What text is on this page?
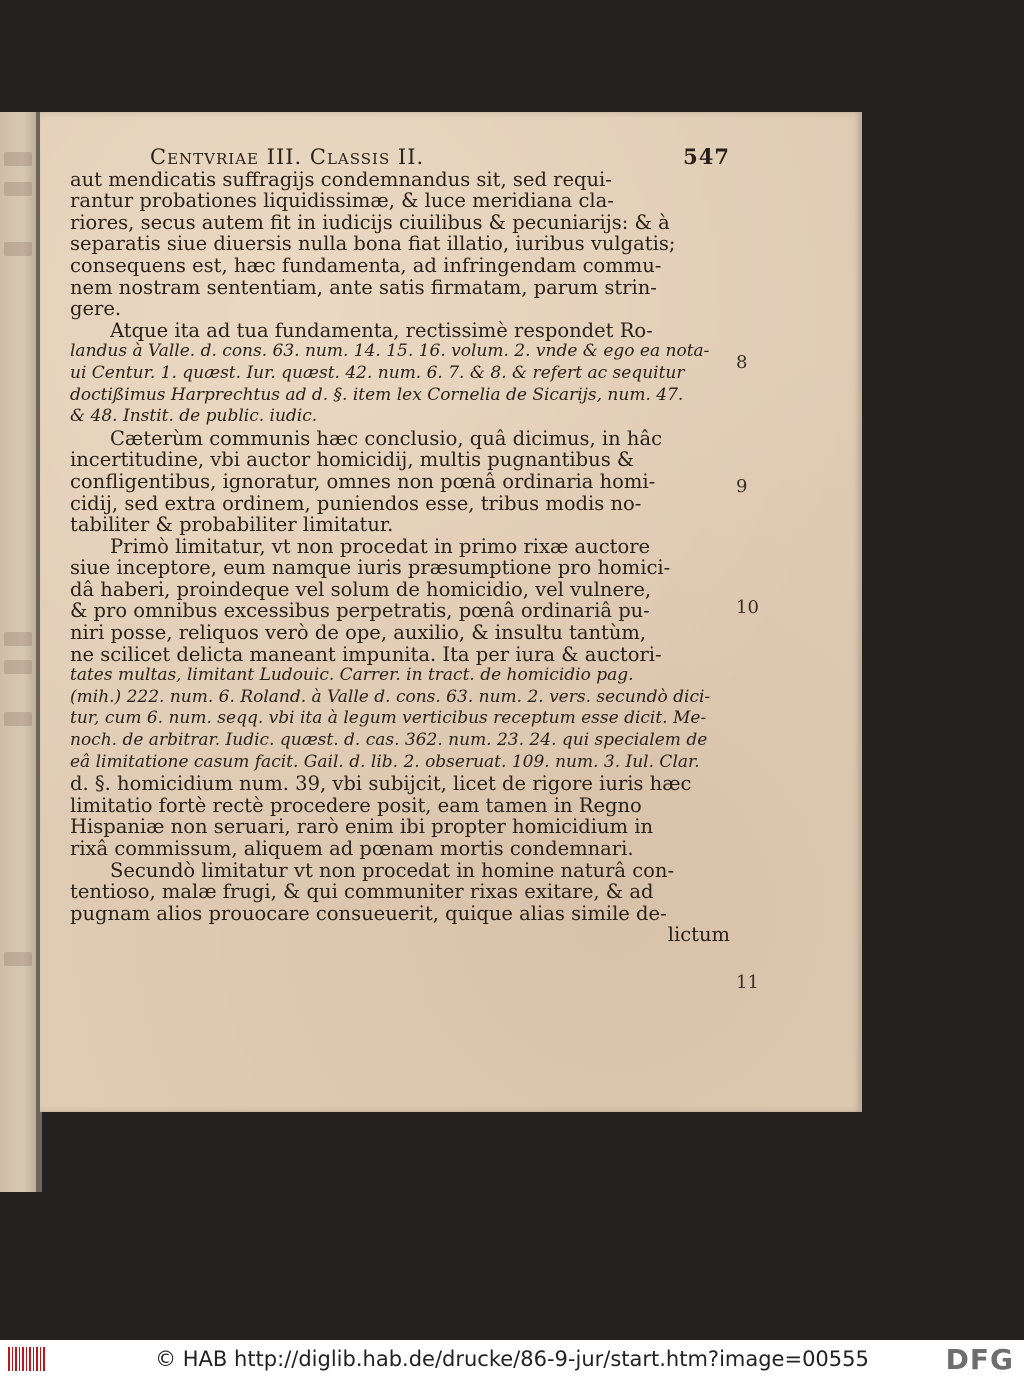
Centvriae III. Classis II.	547
aut mendicatis suffragijs condemnandus sit, sed requi-
rantur probationes liquidissimæ, & luce meridiana cla-
riores, secus autem fit in iudicijs ciuilibus & pecuniarijs: & à
separatis siue diuersis nulla bona fiat illatio, iuribus vulgatis;
consequens est, hæc fundamenta, ad infringendam commu-
nem nostram sententiam, ante satis firmatam, parum strin-
gere.
Atque ita ad tua fundamenta, rectissimè respondet Ro-
landus à Valle. d. cons. 63. num. 14. 15. 16. volum. 2. vnde & ego ea nota-
ui Centur. 1. quæst. Iur. quæst. 42. num. 6. 7. & 8. & refert ac sequitur
doctißimus Harprechtus ad d. §. item lex Cornelia de Sicarijs, num. 47.
& 48. Instit. de public. iudic.
Cæterùm communis hæc conclusio, quâ dicimus, in hâc
incertitudine, vbi auctor homicidij, multis pugnantibus &
confligentibus, ignoratur, omnes non pœnâ ordinaria homi-
cidij, sed extra ordinem, puniendos esse, tribus modis no-
tabiliter & probabiliter limitatur.
Primò limitatur, vt non procedat in primo rixæ auctore
siue inceptore, eum namque iuris præsumptione pro homici-
dâ haberi, proindeque vel solum de homicidio, vel vulnere,
& pro omnibus excessibus perpetratis, pœnâ ordinariâ pu-
niri posse, reliquos verò de ope, auxilio, & insultu tantùm,
ne scilicet delicta maneant impunita. Ita per iura & auctori-
tates multas, limitant Ludouic. Carrer. in tract. de homicidio pag.
(mih.) 222. num. 6. Roland. à Valle d. cons. 63. num. 2. vers. secundò dici-
tur, cum 6. num. seqq. vbi ita à legum verticibus receptum esse dicit. Me-
noch. de arbitrar. Iudic. quæst. d. cas. 362. num. 23. 24. qui specialem de
eâ limitatione casum facit. Gail. d. lib. 2. obseruat. 109. num. 3. Iul. Clar.
d. §. homicidium num. 39, vbi subijcit, licet de rigore iuris hæc
limitatio fortè rectè procedere posit, eam tamen in Regno
Hispaniæ non seruari, rarò enim ibi propter homicidium in
rixâ commissum, aliquem ad pœnam mortis condemnari.
Secundò limitatur vt non procedat in homine naturâ con-
tentioso, malæ frugi, & qui communiter rixas exitare, & ad
pugnam alios prouocare consueuerit, quique alias simile de-
lictum
8
9
10
11
© HAB http://diglib.hab.de/drucke/86-9-jur/start.htm?image=00555	DFG
